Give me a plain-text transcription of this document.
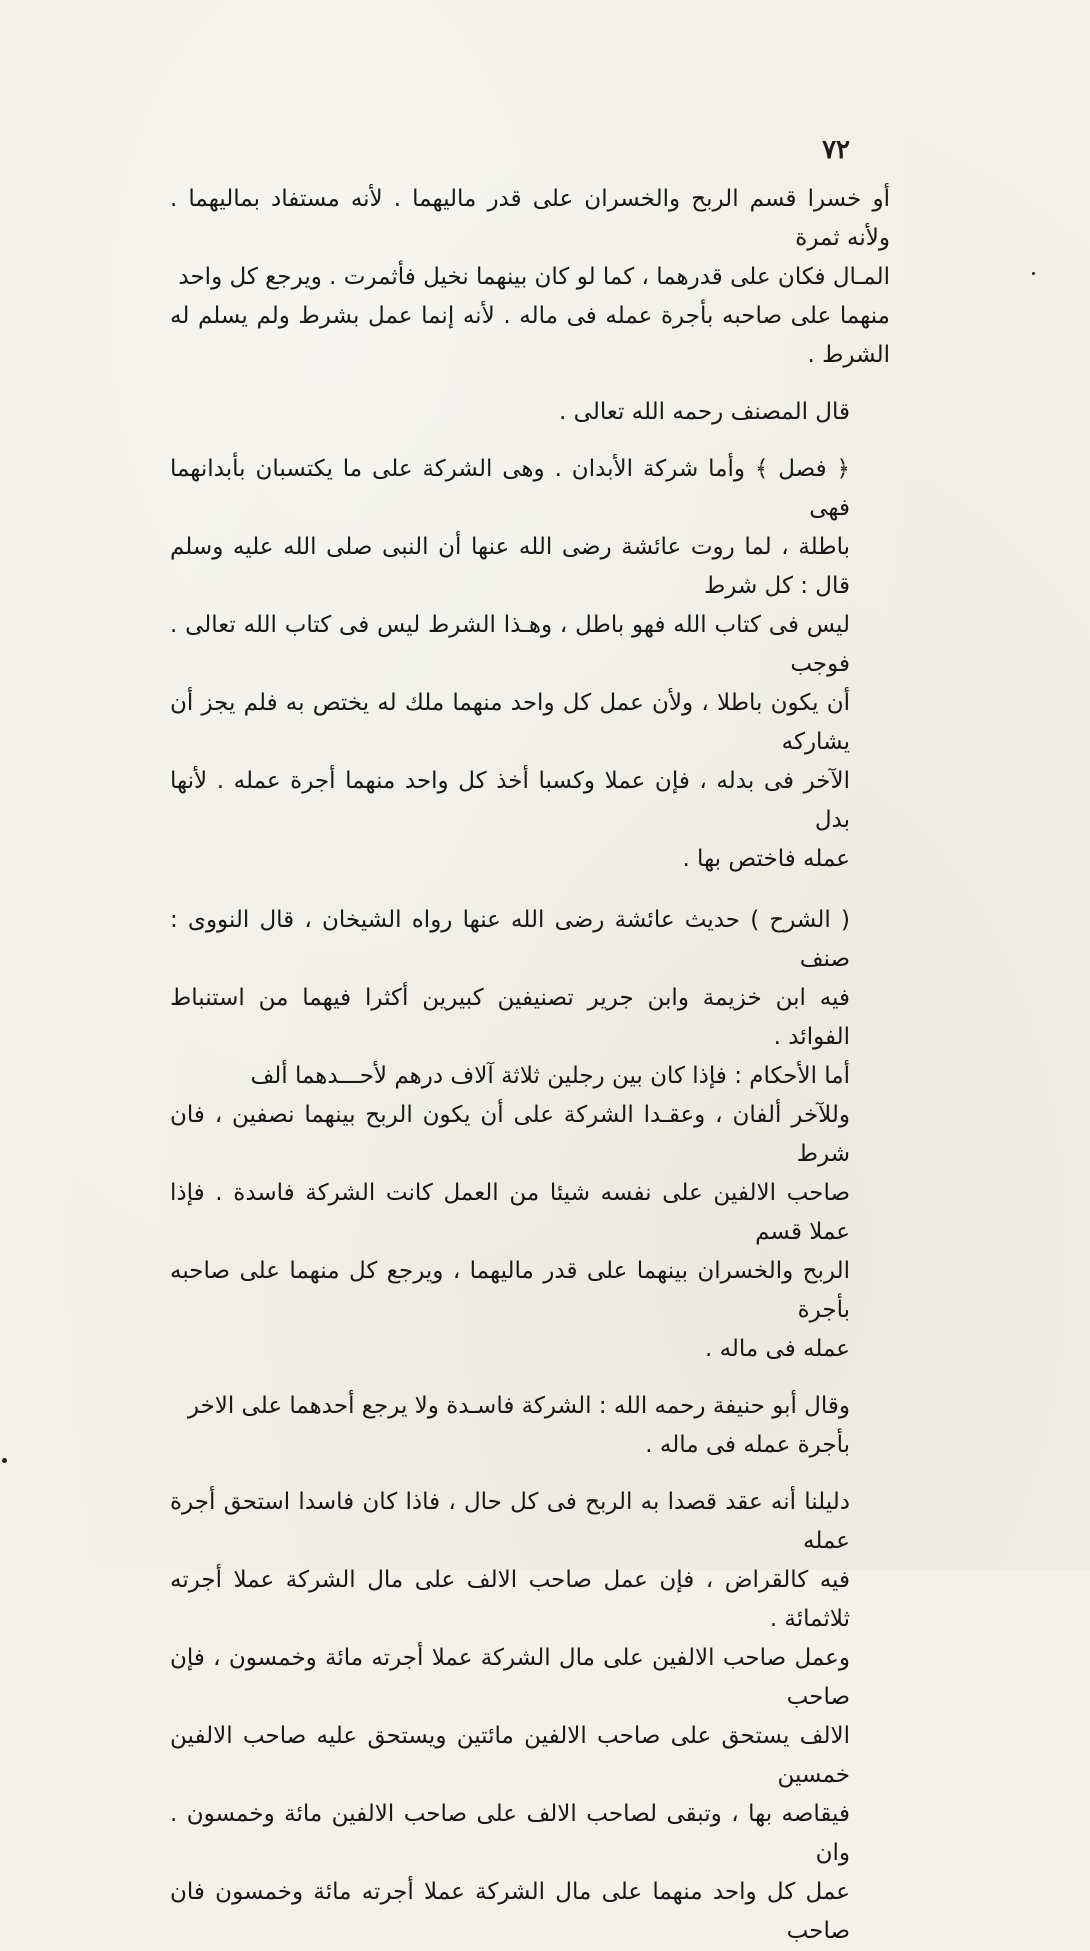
٧٢
أو خسرا قسم الربح والخسران على قدر ماليهما . لأنه مستفاد بماليهما . ولأنه ثمرة
المـال فكان على قدرهما ، كما لو كان بينهما نخيل فأثمرت . ويرجع كل واحد
منهما على صاحبه بأجرة عمله فى ماله . لأنه إنما عمل بشرط ولم يسلم له الشرط .
قال المصنف رحمه الله تعالى .
﴿ فصل ﴾ وأما شركة الأبدان . وهى الشركة على ما يكتسبان بأبدانهما فهى
باطلة ، لما روت عائشة رضى الله عنها أن النبى صلى الله عليه وسلم قال : كل شرط
ليس فى كتاب الله فهو باطل ، وهـذا الشرط ليس فى كتاب الله تعالى . فوجب
أن يكون باطلا ، ولأن عمل كل واحد منهما ملك له يختص به فلم يجز أن يشاركه
الآخر فى بدله ، فإن عملا وكسبا أخذ كل واحد منهما أجرة عمله . لأنها بدل
عمله فاختص بها .
( الشرح ) حديث عائشة رضى الله عنها رواه الشيخان ، قال النووى : صنف
فيه ابن خزيمة وابن جرير تصنيفين كبيرين أكثرا فيهما من استنباط الفوائد .
أما الأحكام : فإذا كان بين رجلين ثلاثة آلاف درهم لأحـــدهما ألف
وللآخر ألفان ، وعقـدا الشركة على أن يكون الربح بينهما نصفين ، فان شرط
صاحب الالفين على نفسه شيئا من العمل كانت الشركة فاسدة . فإذا عملا قسم
الربح والخسران بينهما على قدر ماليهما ، ويرجع كل منهما على صاحبه بأجرة
عمله فى ماله .
وقال أبو حنيفة رحمه الله : الشركة فاسـدة ولا يرجع أحدهما على الاخر
بأجرة عمله فى ماله .
دليلنا أنه عقد قصدا به الربح فى كل حال ، فاذا كان فاسدا استحق أجرة عمله
فيه كالقراض ، فإن عمل صاحب الالف على مال الشركة عملا أجرته ثلاثمائة .
وعمل صاحب الالفين على مال الشركة عملا أجرته مائة وخمسون ، فإن صاحب
الالف يستحق على صاحب الالفين مائتين ويستحق عليه صاحب الالفين خمسين
فيقاصه بها ، وتبقى لصاحب الالف على صاحب الالفين مائة وخمسون . وان
عمل كل واحد منهما على مال الشركة عملا أجرته مائة وخمسون فان صاحب
